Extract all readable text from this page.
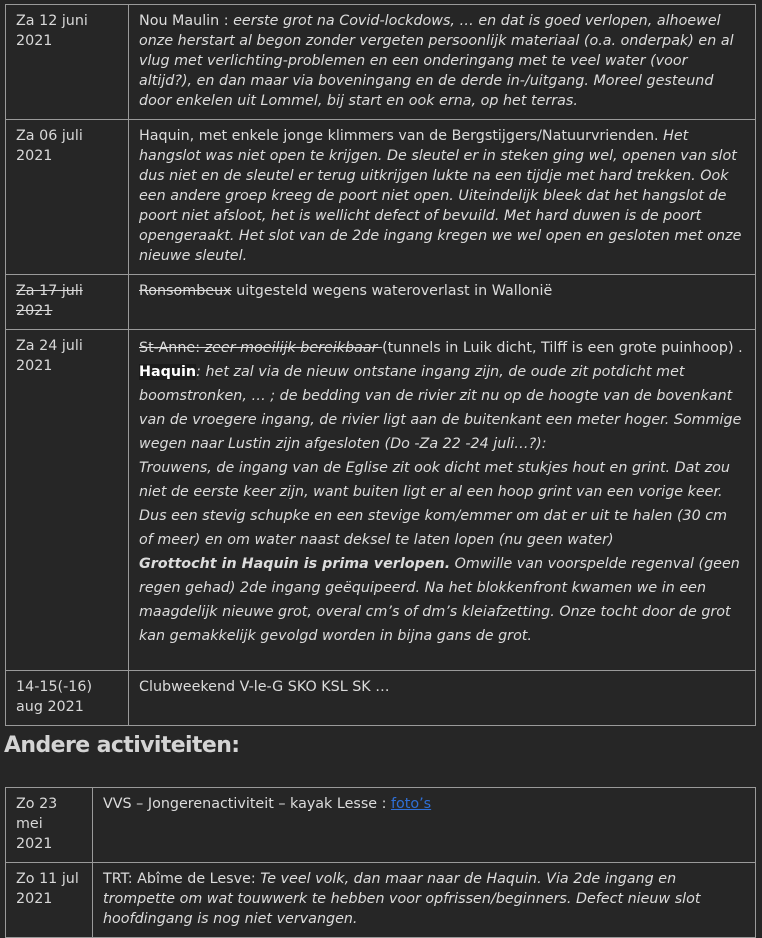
Za 12 juni 2021	Nou Maulin : eerste grot na Covid-lockdows, … en dat is goed verlopen, alhoewel onze herstart al begon zonder vergeten persoonlijk materiaal (o.a. onderpak) en al vlug met verlichting-problemen en een onderingang met te veel water (voor altijd?), en dan maar via boveningang en de derde in-/uitgang. Moreel gesteund door enkelen uit Lommel, bij start en ook erna, op het terras.
Za 06 juli 2021	Haquin, met enkele jonge klimmers van de Bergstijgers/Natuurvrienden. Het hangslot was niet open te krijgen. De sleutel er in steken ging wel, openen van slot dus niet en de sleutel er terug uitkrijgen lukte na een tijdje met hard trekken. Ook een andere groep kreeg de poort niet open. Uiteindelijk bleek dat het hangslot de poort niet afsloot, het is wellicht defect of bevuild. Met hard duwen is de poort opengeraakt. Het slot van de 2de ingang kregen we wel open en gesloten met onze nieuwe sleutel.
Za 17 juli 2021	Ronsombeux uitgesteld wegens wateroverlast in Wallonië
Za 24 juli 2021	St-Anne: zeer moeilijk bereikbaar (tunnels in Luik dicht, Tilff is een grote puinhoop) .
Haquin: het zal via de nieuw ontstane ingang zijn, de oude zit potdicht met boomstronken, … ; de bedding van de rivier zit nu op de hoogte van de bovenkant van de vroegere ingang, de rivier ligt aan de buitenkant een meter hoger. Sommige wegen naar Lustin zijn afgesloten (Do -Za 22 -24 juli…?):
Trouwens, de ingang van de Eglise zit ook dicht met stukjes hout en grint. Dat zou niet de eerste keer zijn, want buiten ligt er al een hoop grint van een vorige keer. Dus een stevig schupke en een stevige kom/emmer om dat er uit te halen (30 cm of meer) en om water naast deksel te laten lopen (nu geen water)
Grottocht in Haquin is prima verlopen. Omwille van voorspelde regenval (geen regen gehad) 2de ingang geëquipeerd. Na het blokkenfront kwamen we in een maagdelijk nieuwe grot, overal cm’s of dm’s kleiafzetting. Onze tocht door de grot kan gemakkelijk gevolgd worden in bijna gans de grot.

14-15(-16) aug 2021	Clubweekend V-le-G SKO KSL SK …
Andere activiteiten:
Zo 23 mei 2021	VVS – Jongerenactiviteit – kayak Lesse : foto’s
Zo 11 jul 2021	TRT: Abîme de Lesve: Te veel volk, dan maar naar de Haquin. Via 2de ingang en trompette om wat touwwerk te hebben voor opfrissen/beginners. Defect nieuw slot hoofdingang is nog niet vervangen.
